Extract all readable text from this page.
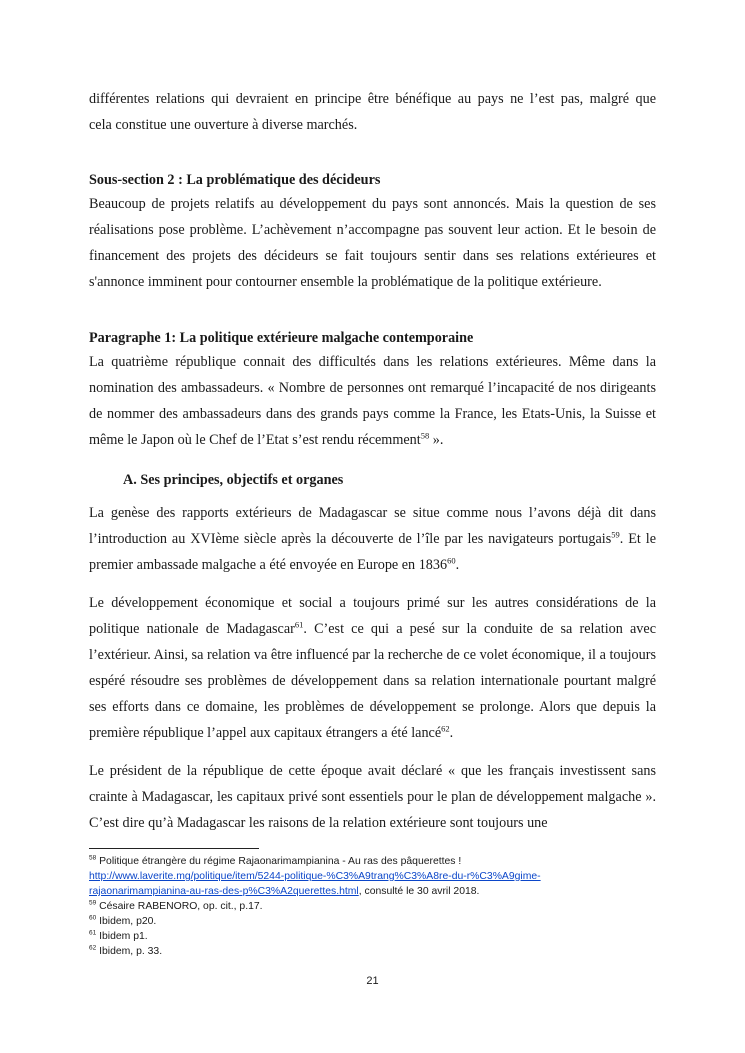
différentes relations qui devraient en principe être bénéfique au pays ne l’est pas, malgré que

cela constitue une ouverture à diverse marchés.

Sous-section 2 : La problématique des décideurs

Beaucoup de projets relatifs au développement du pays sont annoncés. Mais la question de ses réalisations pose problème. L’achèvement n’accompagne pas souvent leur action. Et le besoin de financement des projets des décideurs se fait toujours sentir dans ses relations extérieures et s'annonce imminent pour contourner ensemble la problématique de la politique extérieure.

Paragraphe 1: La politique extérieure malgache contemporaine

La quatrième république connait des difficultés dans les relations extérieures. Même dans la nomination des ambassadeurs. « Nombre de personnes ont remarqué l’incapacité de nos dirigeants de nommer des ambassadeurs dans des grands pays comme la France, les Etats-Unis, la Suisse et même le Japon où le Chef de l’Etat s’est rendu récemment$^{58}$ ».

A. Ses principes, objectifs et organes

La genèse des rapports extérieurs de Madagascar se situe comme nous l’avons déjà dit dans l’introduction au XVIème siècle après la découverte de l’île par les navigateurs portugais$^{59}$. Et le premier ambassade malgache a été envoyée en Europe en 1836$^{60}$.

Le développement économique et social a toujours primé sur les autres considérations de la politique nationale de Madagascar$^{61}$. C’est ce qui a pesé sur la conduite de sa relation avec l’extérieur. Ainsi, sa relation va être influencé par la recherche de ce volet économique, il a toujours espéré résoudre ses problèmes de développement dans sa relation internationale pourtant malgré ses efforts dans ce domaine, les problèmes de développement se prolonge. Alors que depuis la première république l’appel aux capitaux étrangers a été lancé$^{62}$.

Le président de la république de cette époque avait déclaré « que les français investissent sans crainte à Madagascar, les capitaux privé sont essentiels pour le plan de développement malgache ». C’est dire qu’à Madagascar les raisons de la relation extérieure sont toujours une

$^{58}$ Politique étrangère du régime Rajaonarimampianina - Au ras des pâquerettes !

http://www.laverite.mg/politique/item/5244-politique-%C3%A9trang%C3%A8re-du-r%C3%A9gime-

rajaonarimampianina-au-ras-des-p%C3%A2querettes.html, consulté le 30 avril 2018.

$^{59}$ Césaire RABENORO, op. cit., p.17.

$^{60}$ Ibidem, p20.

$^{61}$ Ibidem p1.

$^{62}$ Ibidem, p. 33.

21
